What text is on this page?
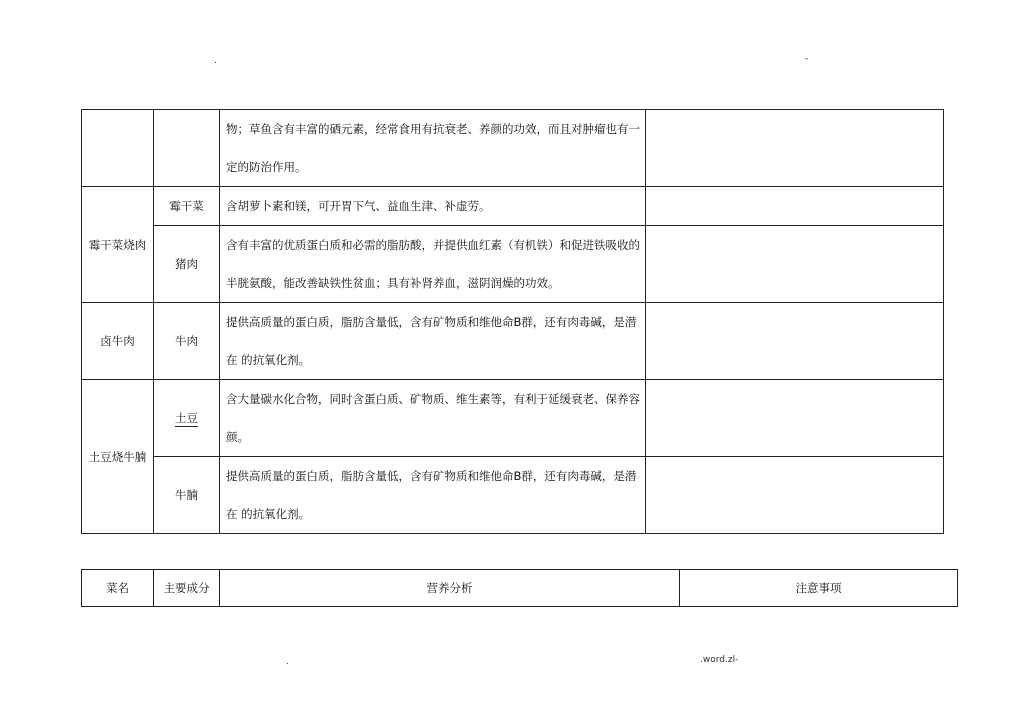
.	-
		物；草鱼含有丰富的硒元素，经常食用有抗衰老、养颜的功效，而且对肿瘤也有一定的防治作用。	
霉干菜烧肉	霉干菜	含胡萝卜素和镁，可开胃下气、益血生津、补虚劳。	
	猪肉	含有丰富的优质蛋白质和必需的脂肪酸，并提供血红素（有机铁）和促进铁吸收的半胱氨酸，能改善缺铁性贫血；具有补肾养血，滋阴润燥的功效。	
卤牛肉	牛肉	提供高质量的蛋白质，脂肪含量低，含有矿物质和维他命B群，还有肉毒碱，是潜在 的抗氧化剂。	
土豆烧牛腩	土豆	含大量碳水化合物，同时含蛋白质、矿物质、维生素等，有利于延缓衰老、保养容颜。	
	牛腩	提供高质量的蛋白质，脂肪含量低，含有矿物质和维他命B群，还有肉毒碱，是潜在 的抗氧化剂。	
菜名	主要成分	营养分析	注意事项
.	.word.zl-
